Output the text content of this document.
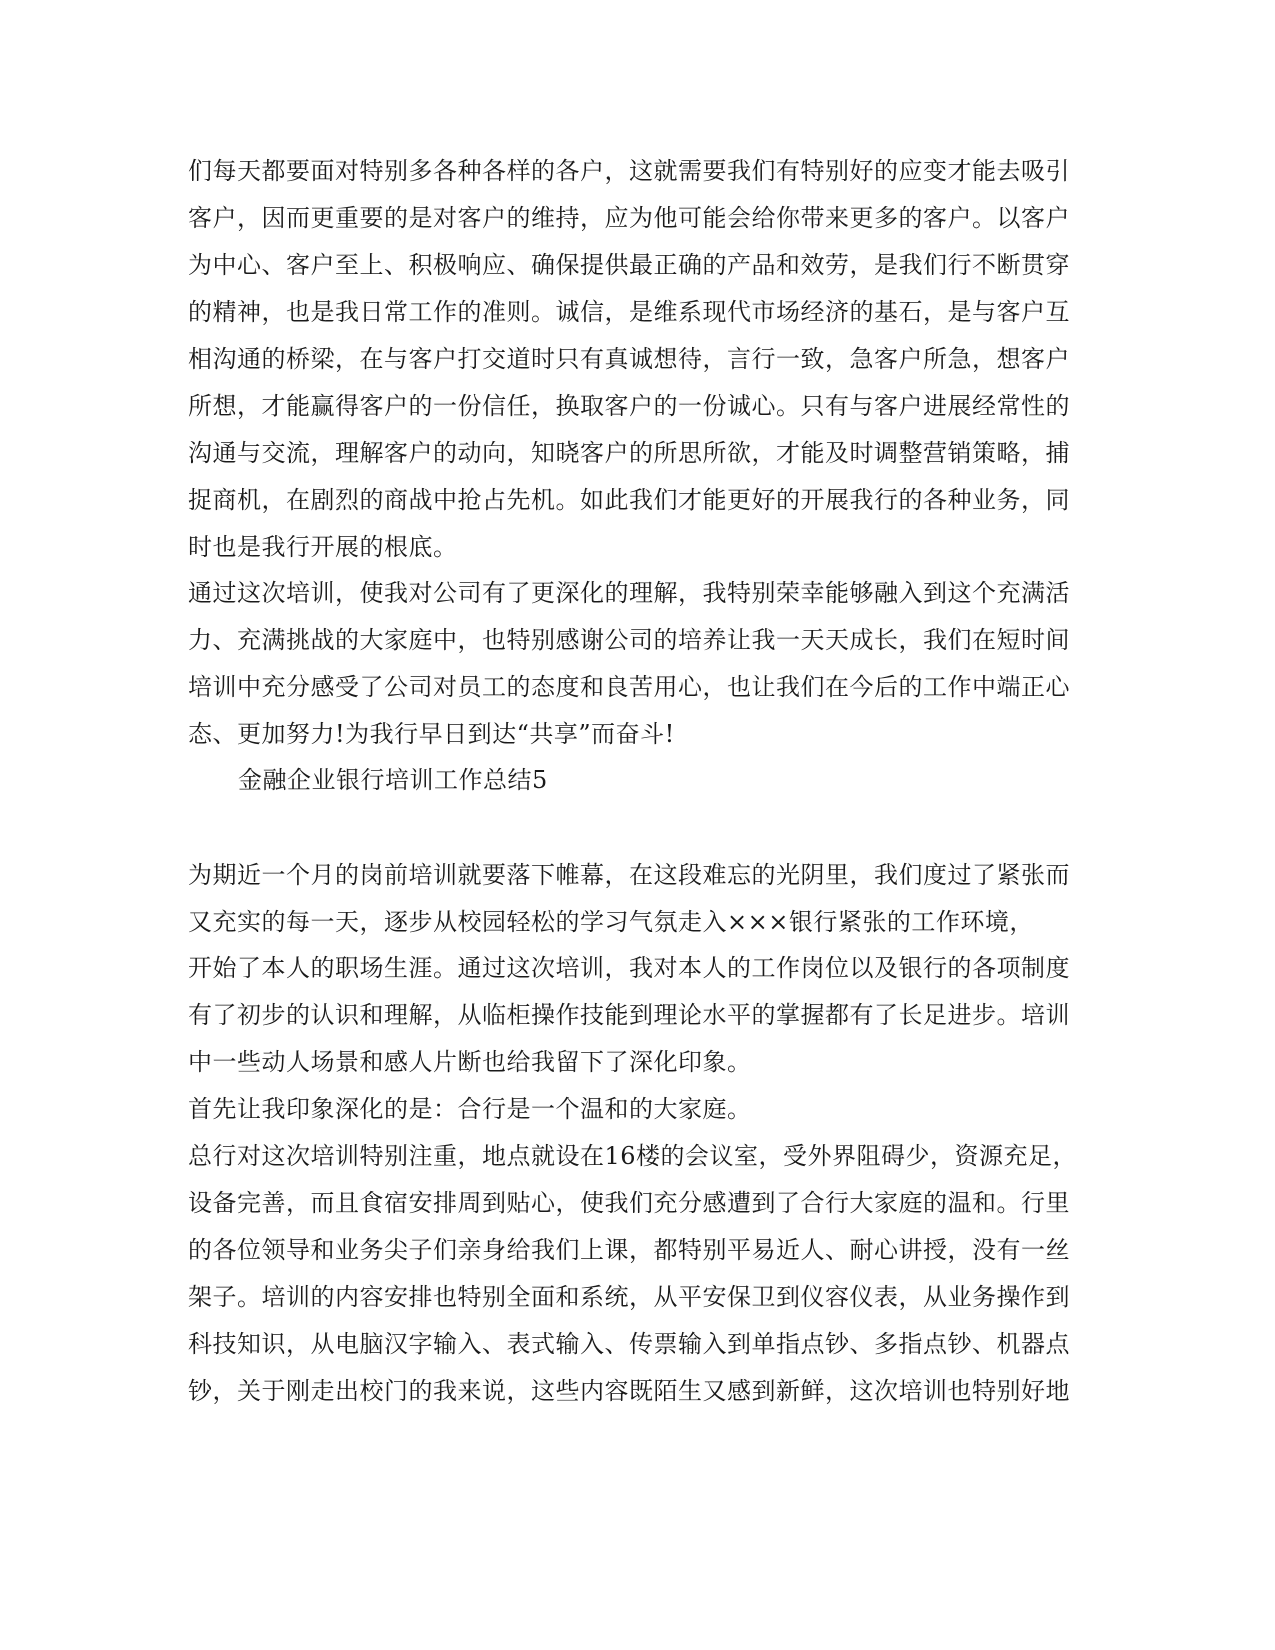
们每天都要面对特别多各种各样的各户，这就需要我们有特别好的应变才能去吸引
客户，因而更重要的是对客户的维持，应为他可能会给你带来更多的客户。以客户
为中心、客户至上、积极响应、确保提供最正确的产品和效劳，是我们行不断贯穿
的精神，也是我日常工作的准则。诚信，是维系现代市场经济的基石，是与客户互
相沟通的桥梁，在与客户打交道时只有真诚想待，言行一致，急客户所急，想客户
所想，才能赢得客户的一份信任，换取客户的一份诚心。只有与客户进展经常性的
沟通与交流，理解客户的动向，知晓客户的所思所欲，才能及时调整营销策略，捕
捉商机，在剧烈的商战中抢占先机。如此我们才能更好的开展我行的各种业务，同
时也是我行开展的根底。
通过这次培训，使我对公司有了更深化的理解，我特别荣幸能够融入到这个充满活
力、充满挑战的大家庭中，也特别感谢公司的培养让我一天天成长，我们在短时间
培训中充分感受了公司对员工的态度和良苦用心，也让我们在今后的工作中端正心
态、更加努力!为我行早日到达“共享”而奋斗!
金融企业银行培训工作总结5
为期近一个月的岗前培训就要落下帷幕，在这段难忘的光阴里，我们度过了紧张而
又充实的每一天，逐步从校园轻松的学习气氛走入×××银行紧张的工作环境，
开始了本人的职场生涯。通过这次培训，我对本人的工作岗位以及银行的各项制度
有了初步的认识和理解，从临柜操作技能到理论水平的掌握都有了长足进步。培训
中一些动人场景和感人片断也给我留下了深化印象。
首先让我印象深化的是：合行是一个温和的大家庭。
总行对这次培训特别注重，地点就设在16楼的会议室，受外界阻碍少，资源充足，
设备完善，而且食宿安排周到贴心，使我们充分感遭到了合行大家庭的温和。行里
的各位领导和业务尖子们亲身给我们上课，都特别平易近人、耐心讲授，没有一丝
架子。培训的内容安排也特别全面和系统，从平安保卫到仪容仪表，从业务操作到
科技知识，从电脑汉字输入、表式输入、传票输入到单指点钞、多指点钞、机器点
钞，关于刚走出校门的我来说，这些内容既陌生又感到新鲜，这次培训也特别好地
